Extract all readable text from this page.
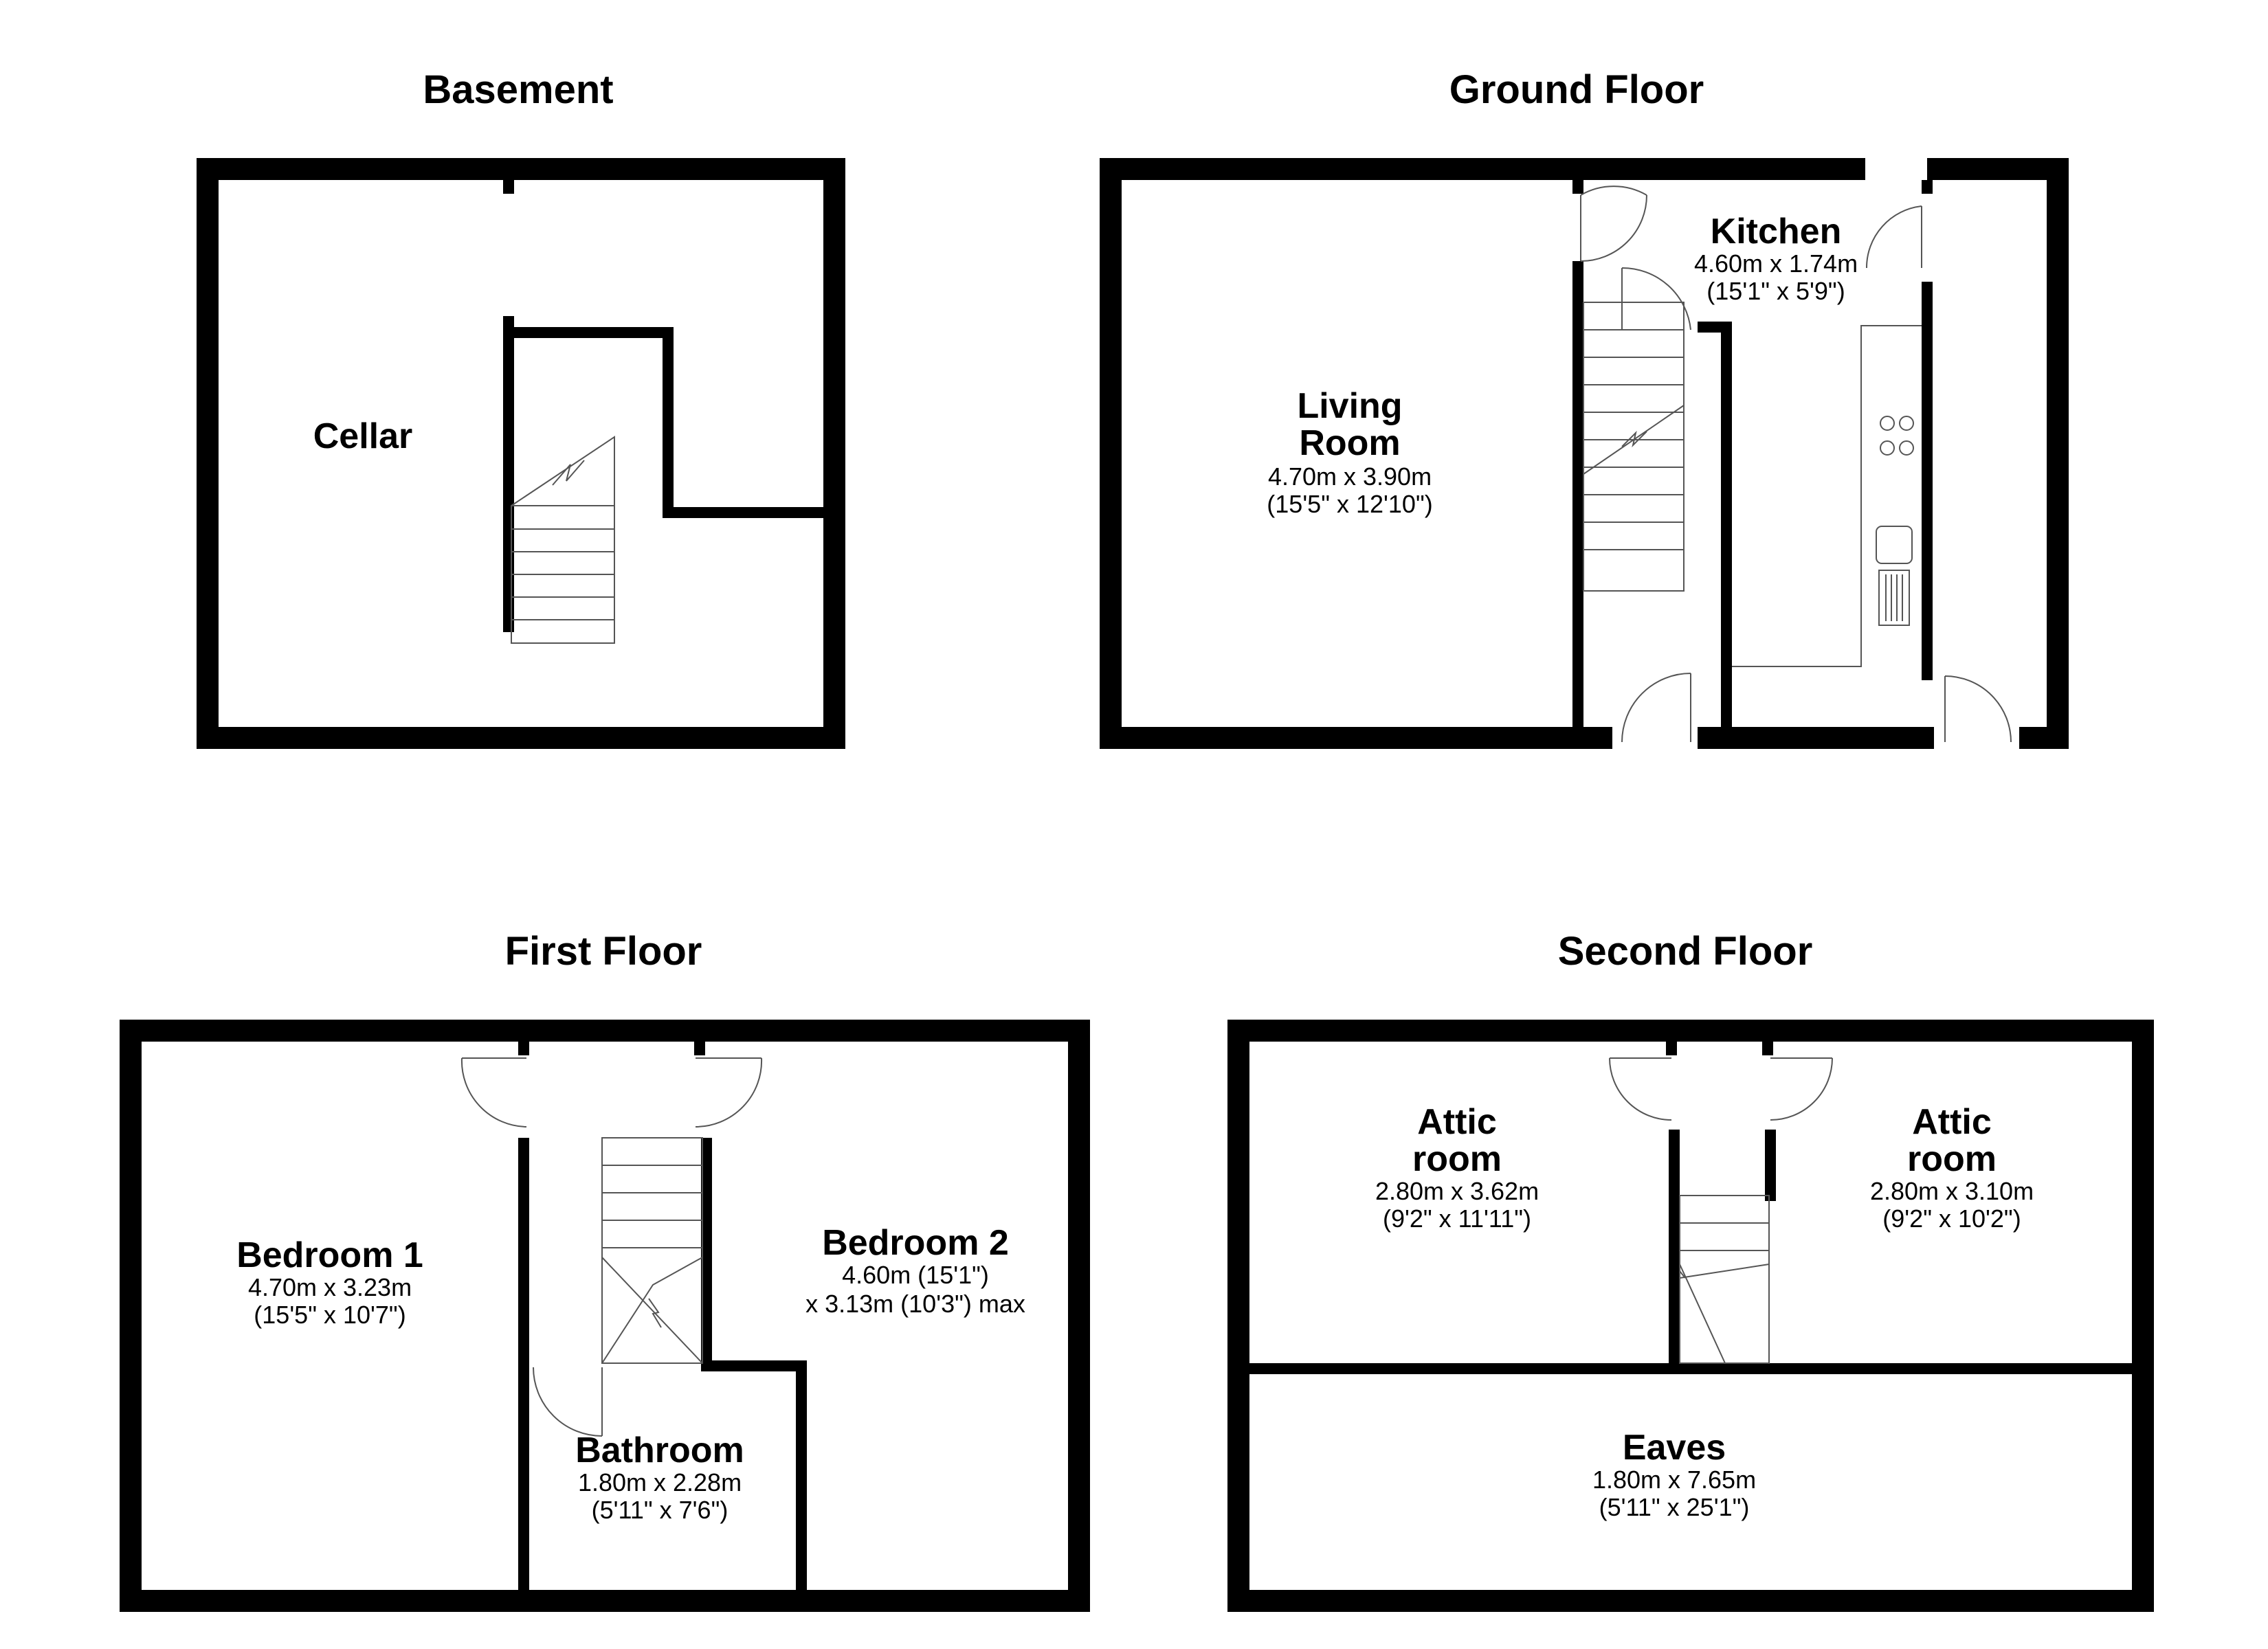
Basement
Cellar
Ground Floor
Living
Room
4.70m x 3.90m
(15'5" x 12'10")
Kitchen
4.60m x 1.74m
(15'1" x 5'9")
First Floor
Bedroom 1
4.70m x 3.23m
(15'5" x 10'7")
Bedroom 2
4.60m (15'1")
x 3.13m (10'3") max
Bathroom
1.80m x 2.28m
(5'11" x 7'6")
Second Floor
Attic
room
2.80m x 3.62m
(9'2" x 11'11")
Attic
room
2.80m x 3.10m
(9'2" x 10'2")
Eaves
1.80m x 7.65m
(5'11" x 25'1")
